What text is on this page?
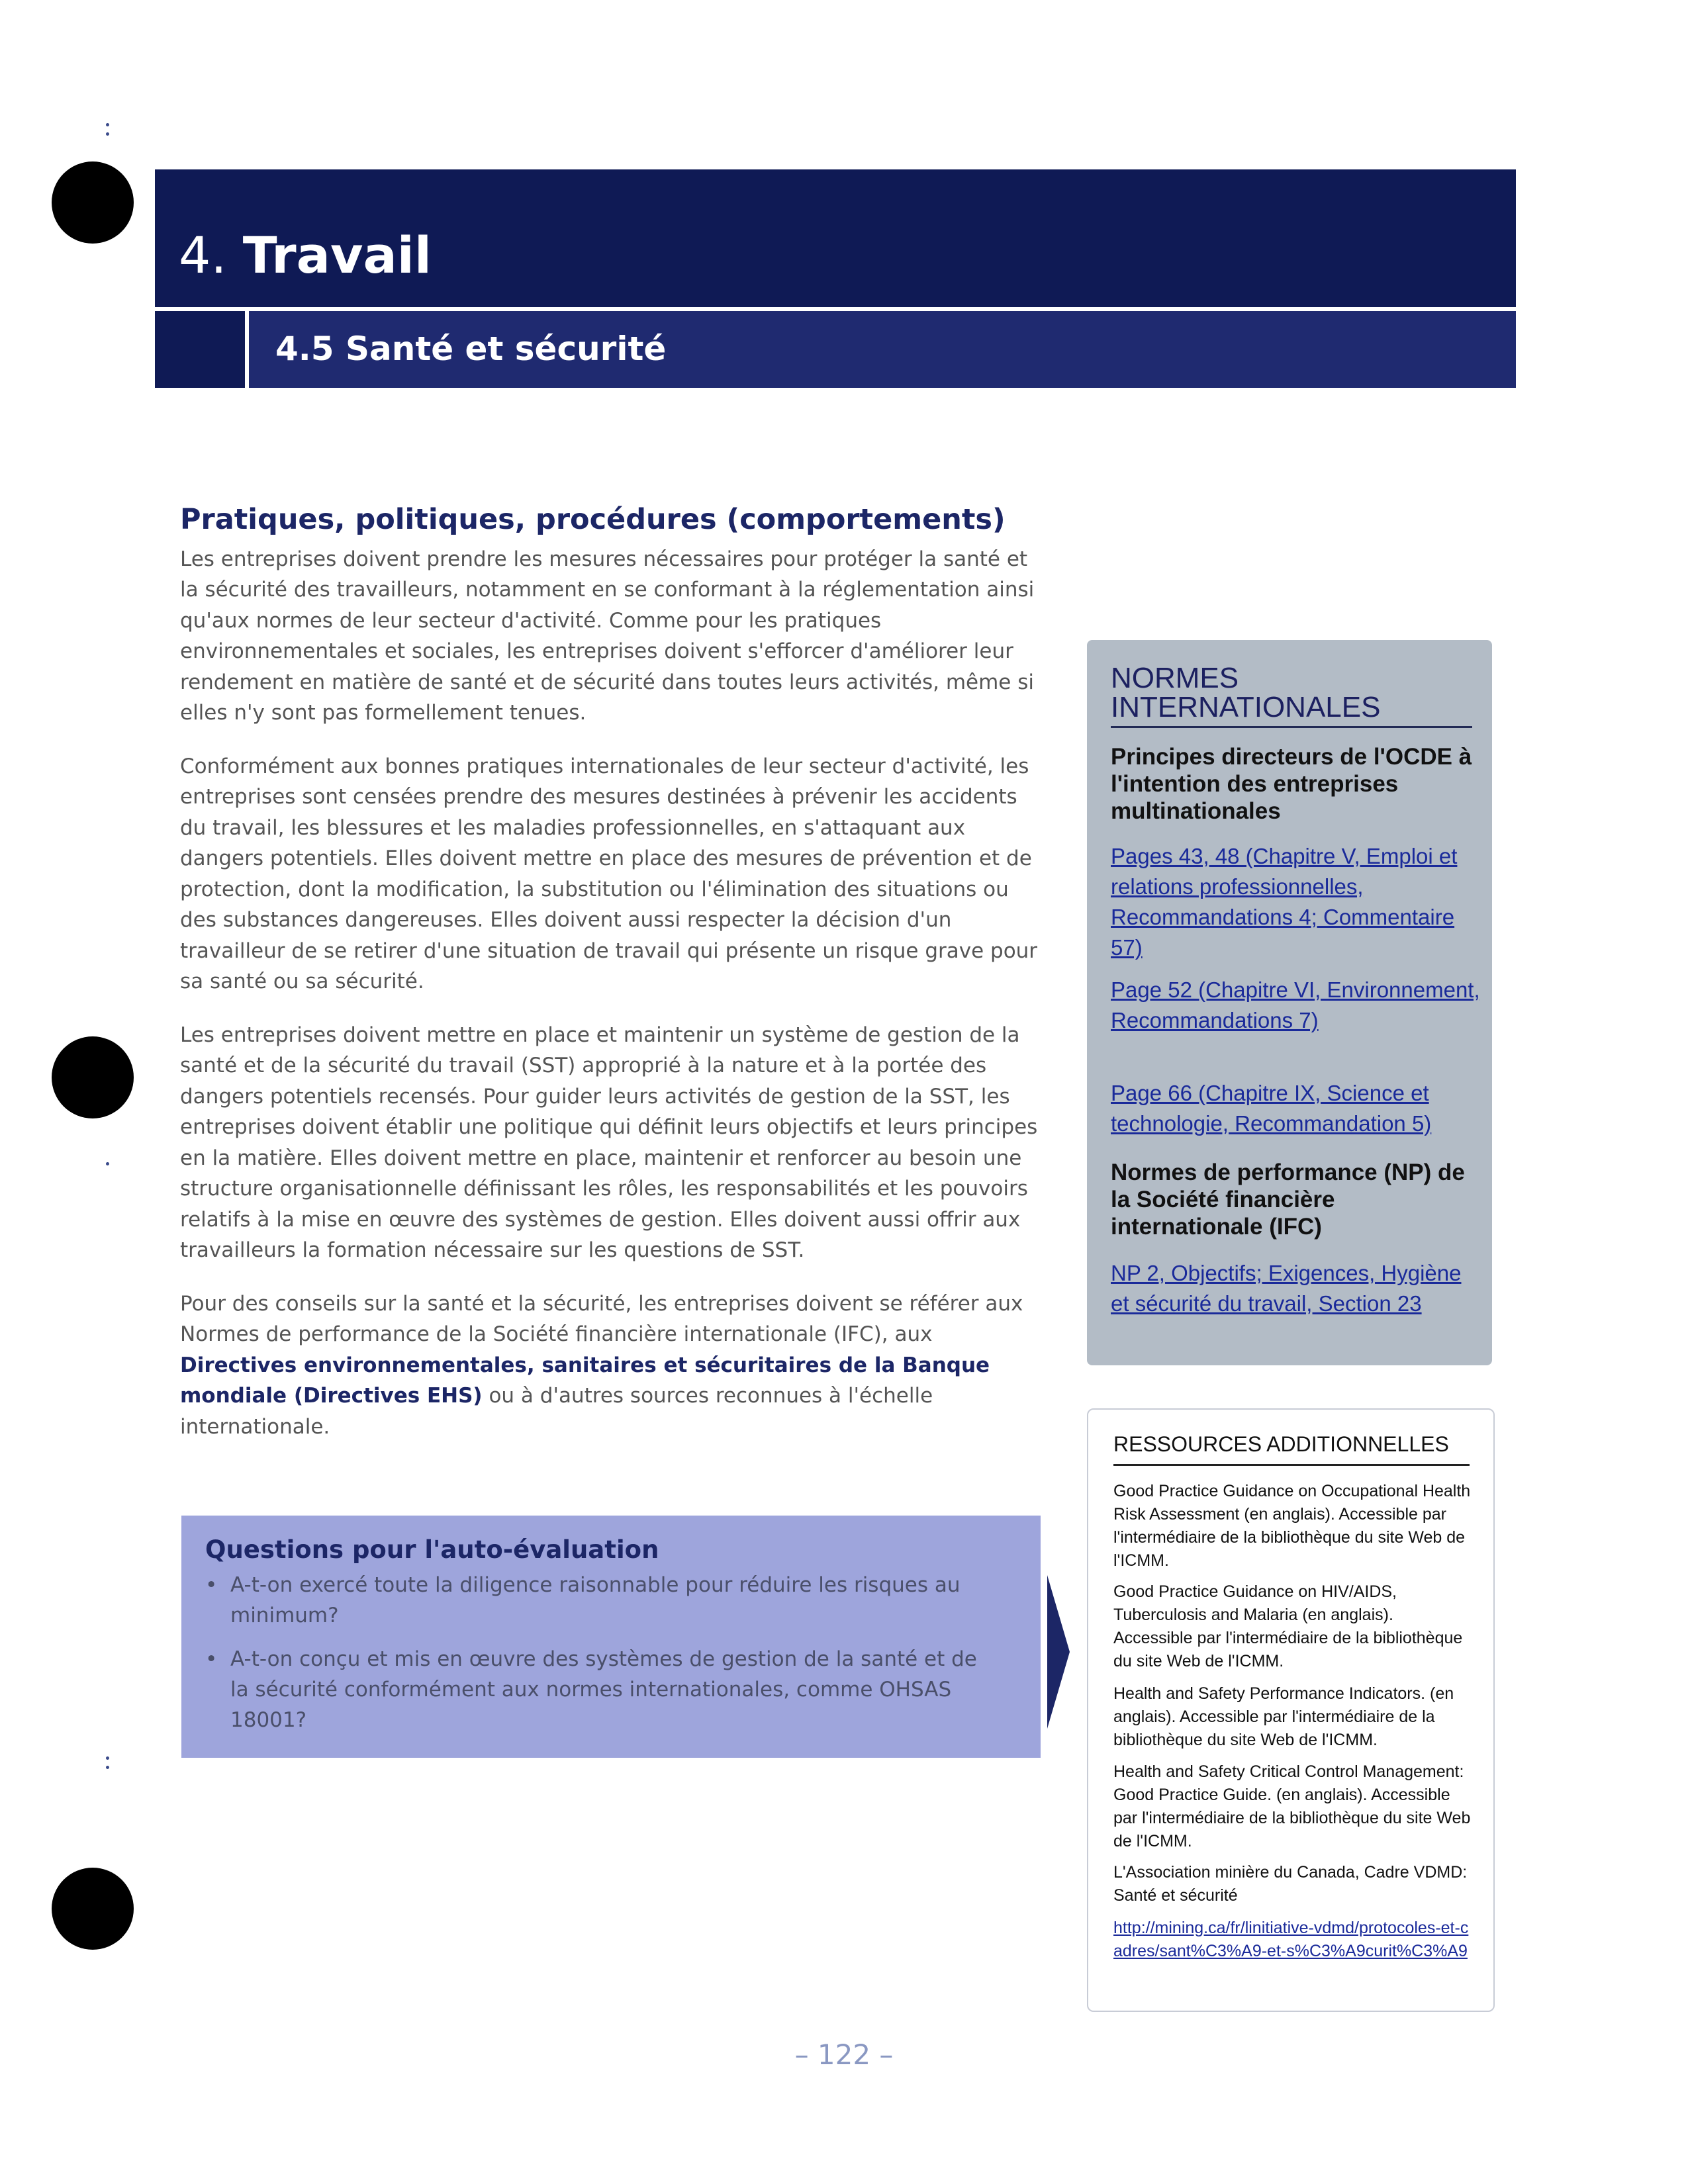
4. Travail
4.5 Santé et sécurité
Pratiques, politiques, procédures (comportements)

Les entreprises doivent prendre les mesures nécessaires pour protéger la santé et la sécurité des travailleurs, notamment en se conformant à la réglementation ainsi qu'aux normes de leur secteur d'activité. Comme pour les pratiques environnementales et sociales, les entreprises doivent s'efforcer d'améliorer leur rendement en matière de santé et de sécurité dans toutes leurs activités, même si elles n'y sont pas formellement tenues.

Conformément aux bonnes pratiques internationales de leur secteur d'activité, les entreprises sont censées prendre des mesures destinées à prévenir les accidents du travail, les blessures et les maladies professionnelles, en s'attaquant aux dangers potentiels. Elles doivent mettre en place des mesures de prévention et de protection, dont la modification, la substitution ou l'élimination des situations ou des substances dangereuses. Elles doivent aussi respecter la décision d'un travailleur de se retirer d'une situation de travail qui présente un risque grave pour sa santé ou sa sécurité.

Les entreprises doivent mettre en place et maintenir un système de gestion de la santé et de la sécurité du travail (SST) approprié à la nature et à la portée des dangers potentiels recensés. Pour guider leurs activités de gestion de la SST, les entreprises doivent établir une politique qui définit leurs objectifs et leurs principes en la matière. Elles doivent mettre en place, maintenir et renforcer au besoin une structure organisationnelle définissant les rôles, les responsabilités et les pouvoirs relatifs à la mise en œuvre des systèmes de gestion. Elles doivent aussi offrir aux travailleurs la formation nécessaire sur les questions de SST.

Pour des conseils sur la santé et la sécurité, les entreprises doivent se référer aux Normes de performance de la Société financière internationale (IFC), aux Directives environnementales, sanitaires et sécuritaires de la Banque mondiale (Directives EHS) ou à d'autres sources reconnues à l'échelle internationale.

Questions pour l'auto-évaluation
• A-t-on exercé toute la diligence raisonnable pour réduire les risques au minimum?
• A-t-on conçu et mis en œuvre des systèmes de gestion de la santé et de la sécurité conformément aux normes internationales, comme OHSAS 18001?
NORMES
INTERNATIONALES
Principes directeurs de l'OCDE à l'intention des entreprises multinationales
Pages 43, 48 (Chapitre V, Emploi et relations professionnelles, Recommandations 4; Commentaire 57)
Page 52 (Chapitre VI, Environnement, Recommandations 7)
Page 66 (Chapitre IX, Science et technologie, Recommandation 5)
Normes de performance (NP) de la Société financière internationale (IFC)
NP 2, Objectifs; Exigences, Hygiène et sécurité du travail, Section 23
RESSOURCES ADDITIONNELLES
Good Practice Guidance on Occupational Health Risk Assessment (en anglais). Accessible par l'intermédiaire de la bibliothèque du site Web de l'ICMM.
Good Practice Guidance on HIV/AIDS, Tuberculosis and Malaria (en anglais). Accessible par l'intermédiaire de la bibliothèque du site Web de l'ICMM.
Health and Safety Performance Indicators. (en anglais). Accessible par l'intermédiaire de la bibliothèque du site Web de l'ICMM.
Health and Safety Critical Control Management: Good Practice Guide. (en anglais). Accessible par l'intermédiaire de la bibliothèque du site Web de l'ICMM.
L'Association minière du Canada, Cadre VDMD: Santé et sécurité
http://mining.ca/fr/linitiative-vdmd/protocoles-et-cadres/sant%C3%A9-et-s%C3%A9curit%C3%A9
– 122 –
